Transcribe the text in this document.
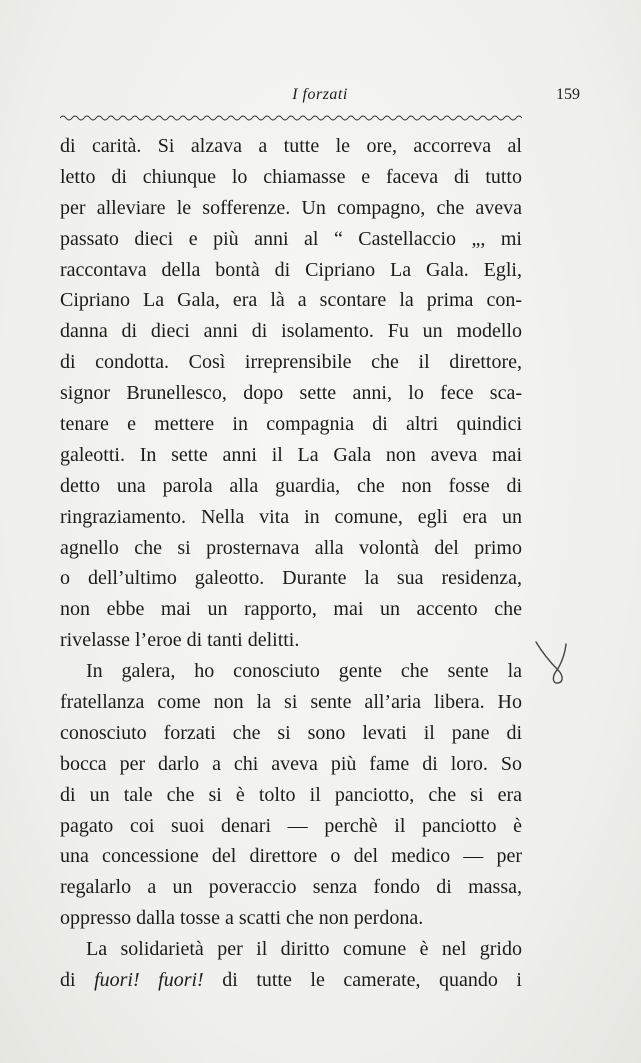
I forzati	159
di carità. Si alzava a tutte le ore, accorreva al
letto di chiunque lo chiamasse e faceva di tutto
per alleviare le sofferenze. Un compagno, che aveva
passato dieci e più anni al “ Castellaccio „, mi
raccontava della bontà di Cipriano La Gala. Egli,
Cipriano La Gala, era là a scontare la prima con-
danna di dieci anni di isolamento. Fu un modello
di condotta. Così irreprensibile che il direttore,
signor Brunellesco, dopo sette anni, lo fece sca-
tenare e mettere in compagnia di altri quindici
galeotti. In sette anni il La Gala non aveva mai
detto una parola alla guardia, che non fosse di
ringraziamento. Nella vita in comune, egli era un
agnello che si prosternava alla volontà del primo
o dell’ultimo galeotto. Durante la sua residenza,
non ebbe mai un rapporto, mai un accento che
rivelasse l’eroe di tanti delitti.
In galera, ho conosciuto gente che sente la
fratellanza come non la si sente all’aria libera. Ho
conosciuto forzati che si sono levati il pane di
bocca per darlo a chi aveva più fame di loro. So
di un tale che si è tolto il panciotto, che si era
pagato coi suoi denari — perchè il panciotto è
una concessione del direttore o del medico — per
regalarlo a un poveraccio senza fondo di massa,
oppresso dalla tosse a scatti che non perdona.
La solidarietà per il diritto comune è nel grido
di fuori! fuori! di tutte le camerate, quando i
